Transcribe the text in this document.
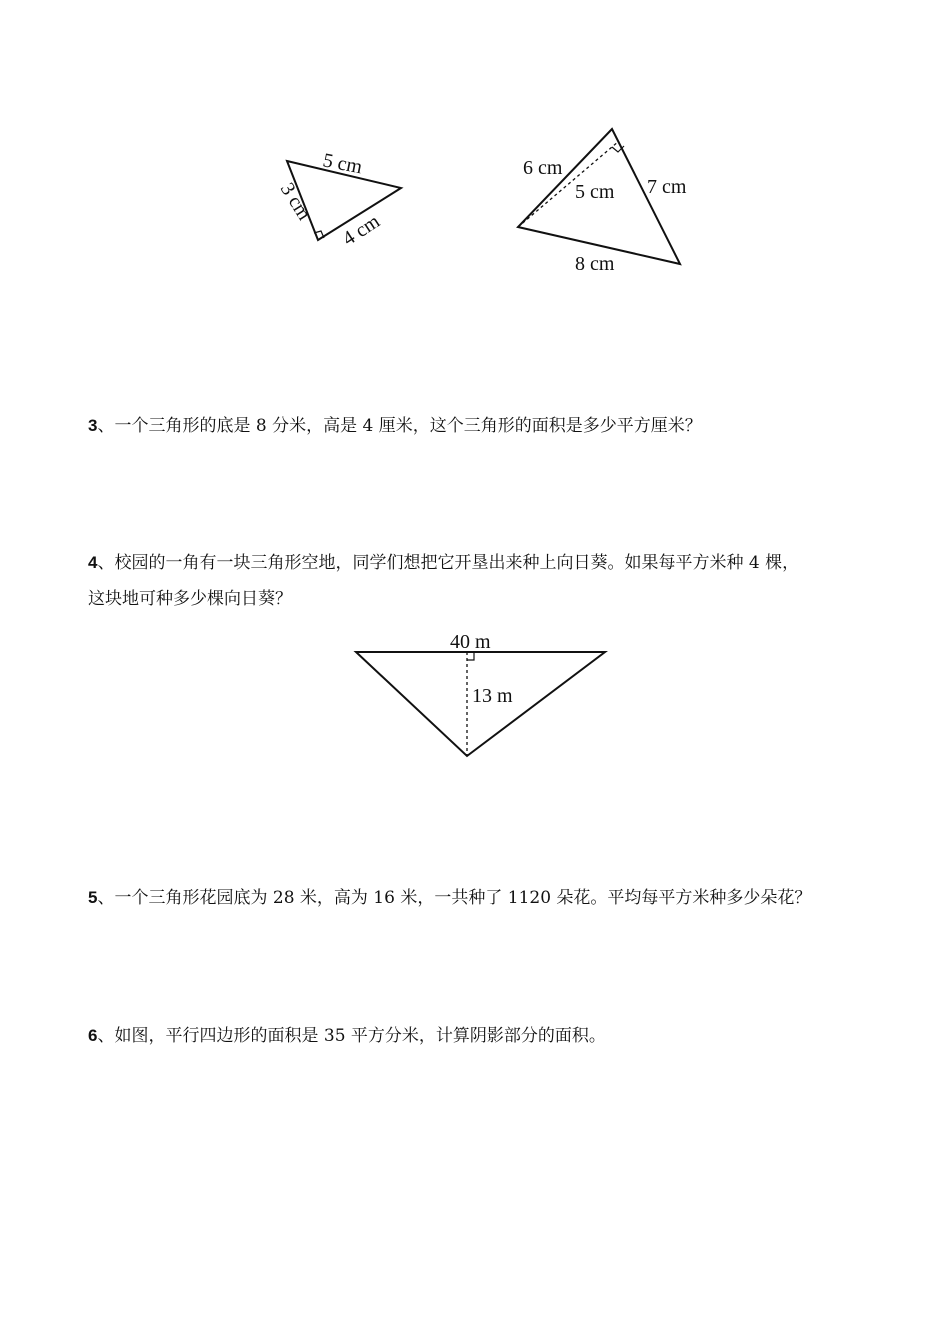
5 cm
3 cm
4 cm
6 cm
5 cm 7 cm
8 cm
3、一个三角形的底是 8 分米，高是 4 厘米，这个三角形的面积是多少平方厘米？
4、校园的一角有一块三角形空地，同学们想把它开垦出来种上向日葵。如果每平方米种 4 棵，
这块地可种多少棵向日葵？
40 m
13 m
5、一个三角形花园底为 28 米，高为 16 米，一共种了 1120 朵花。平均每平方米种多少朵花？
6、如图，平行四边形的面积是 35 平方分米，计算阴影部分的面积。
